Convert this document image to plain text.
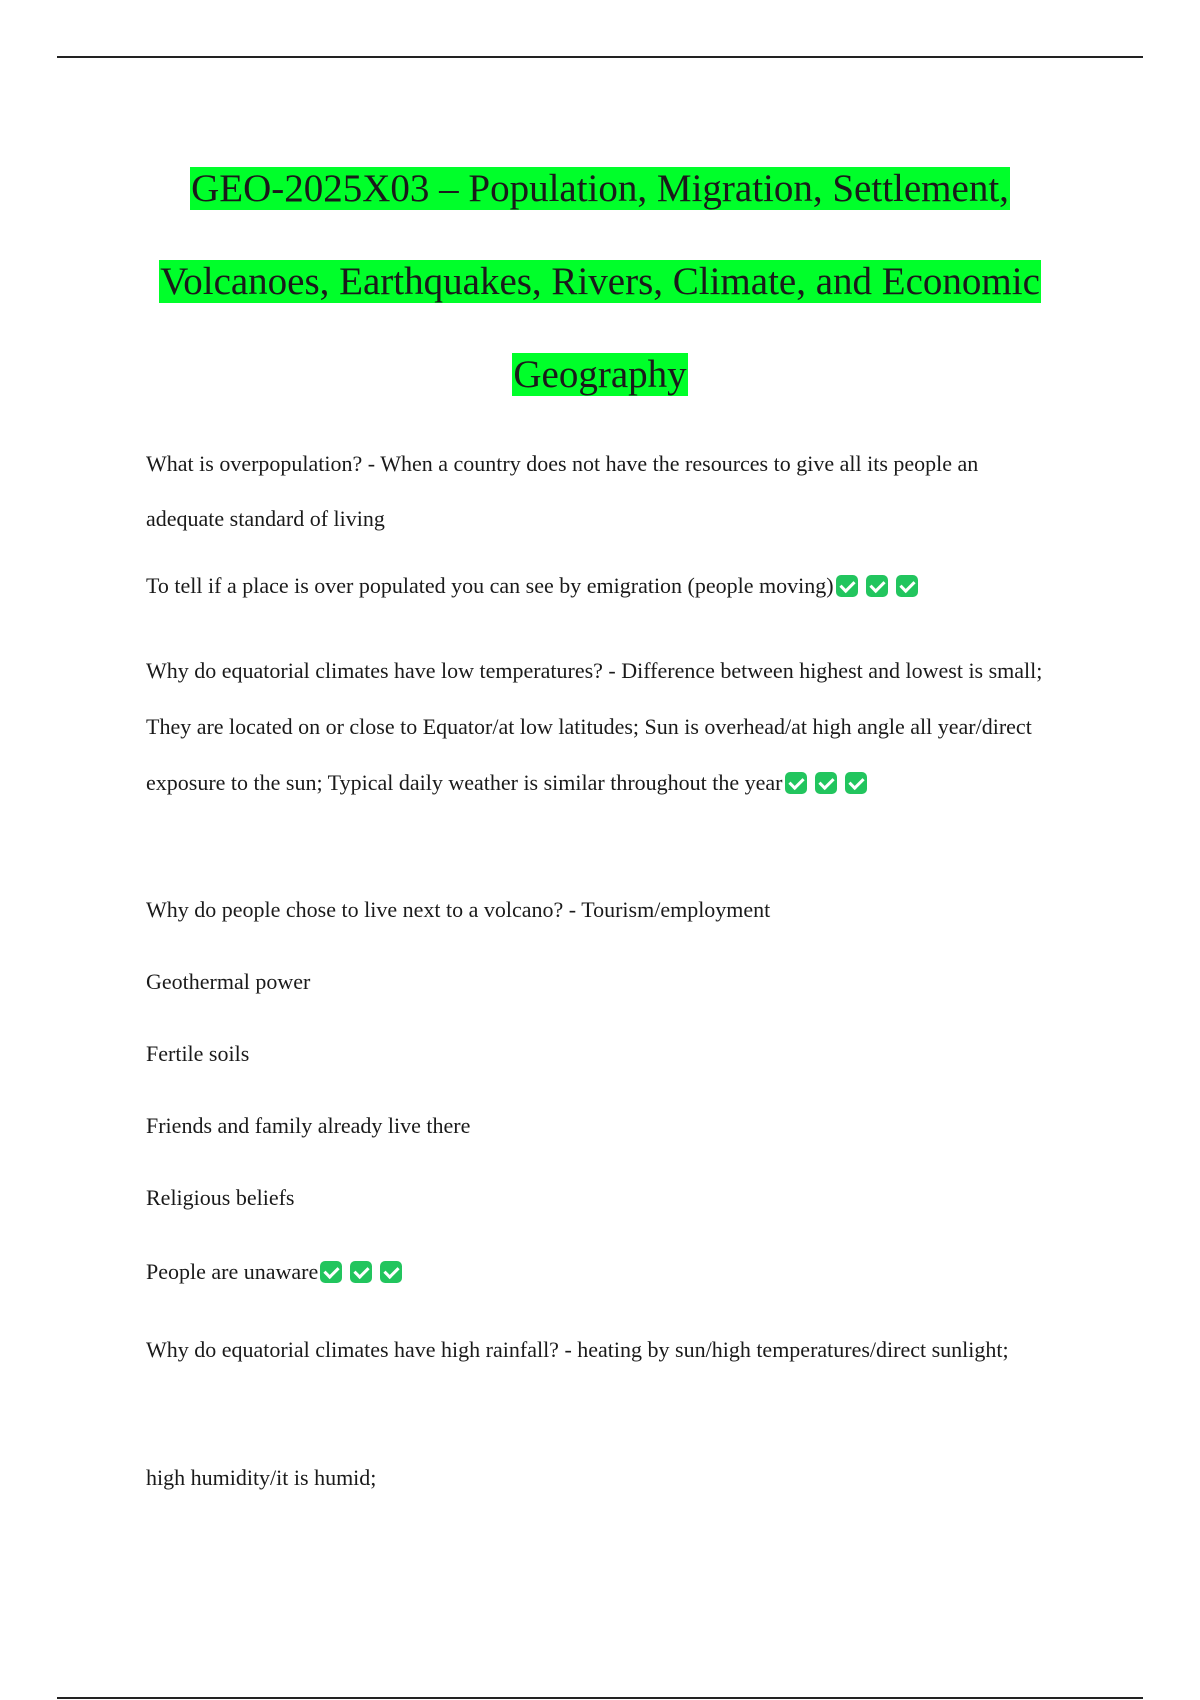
GEO-2025X03 – Population, Migration, Settlement,
Volcanoes, Earthquakes, Rivers, Climate, and Economic
Geography

What is overpopulation? - When a country does not have the resources to give all its people an adequate standard of living

To tell if a place is over populated you can see by emigration (people moving)

Why do equatorial climates have low temperatures? - Difference between highest and lowest is small; They are located on or close to Equator/at low latitudes; Sun is overhead/at high angle all year/direct exposure to the sun; Typical daily weather is similar throughout the year

Why do people chose to live next to a volcano? - Tourism/employment

Geothermal power

Fertile soils

Friends and family already live there

Religious beliefs

People are unaware

Why do equatorial climates have high rainfall? - heating by sun/high temperatures/direct sunlight;

high humidity/it is humid;
